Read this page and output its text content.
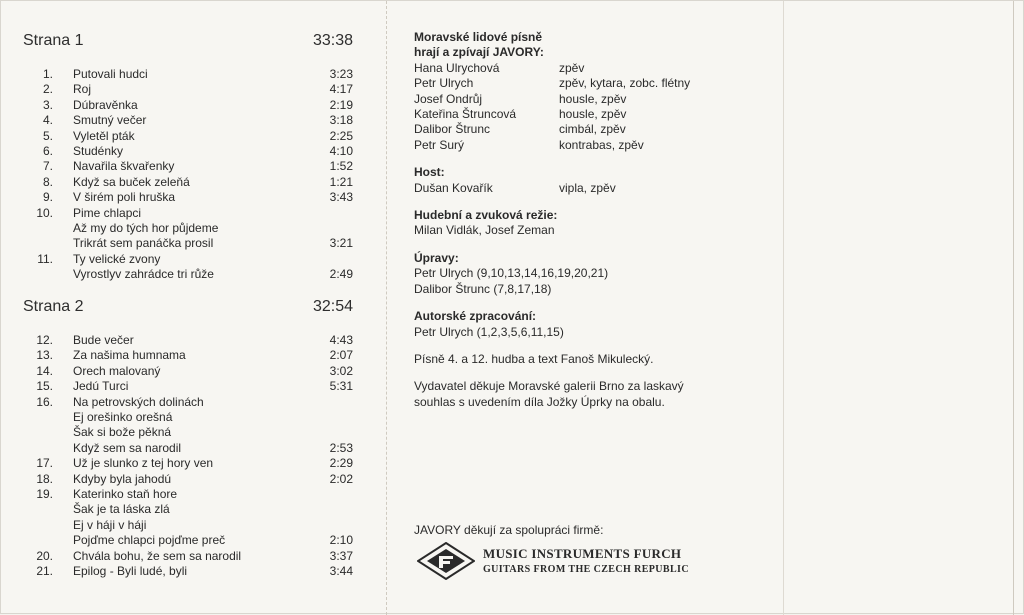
Strana 1	33:38
1. Putovali hudci	3:23
2. Roj	4:17
3. Dúbravěnka	2:19
4. Smutný večer	3:18
5. Vyletěl pták	2:25
6. Studénky	4:10
7. Navařila škvařenky	1:52
8. Když sa buček zeleňá	1:21
9. V širém poli hruška	3:43
10. Pime chlapci
Až my do tých hor půjdeme
Trikrát sem panáčka prosil	3:21
11. Ty velické zvony
Vyrostlyv zahrádce tri růže	2:49
Strana 2	32:54
12. Bude večer	4:43
13. Za našima humnama	2:07
14. Orech malovaný	3:02
15. Jedú Turci	5:31
16. Na petrovských dolinách
Ej orešinko orešná
Šak si bože pěkná
Když sem sa narodil	2:53
17. Už je slunko z tej hory ven	2:29
18. Kdyby byla jahodú	2:02
19. Katerinko staň hore
Šak je ta láska zlá
Ej v háji v háji
Pojďme chlapci pojďme preč	2:10
20. Chvála bohu, že sem sa narodil	3:37
21. Epilog - Byli ludé, byli	3:44
Moravské lidové písně
hrají a zpívají JAVORY:
Hana Ulrychová	zpěv
Petr Ulrych	zpěv, kytara, zobc. flétny
Josef Ondrůj	housle, zpěv
Kateřina Štruncová	housle, zpěv
Dalibor Štrunc	cimbál, zpěv
Petr Surý	kontrabas, zpěv
Host:
Dušan Kovařík	vipla, zpěv
Hudební a zvuková režie:
Milan Vidlák, Josef Zeman
Úpravy:
Petr Ulrych (9,10,13,14,16,19,20,21)
Dalibor Štrunc (7,8,17,18)
Autorské zpracování:
Petr Ulrych (1,2,3,5,6,11,15)

Písně 4. a 12. hudba a text Fanoš Mikulecký.

Vydavatel děkuje Moravské galerii Brno za laskavý

souhlas s uvedením díla Jožky Úprky na obalu.

JAVORY děkují za spolupráci firmě:
MUSIC INSTRUMENTS FURCH
GUITARS FROM THE CZECH REPUBLIC
